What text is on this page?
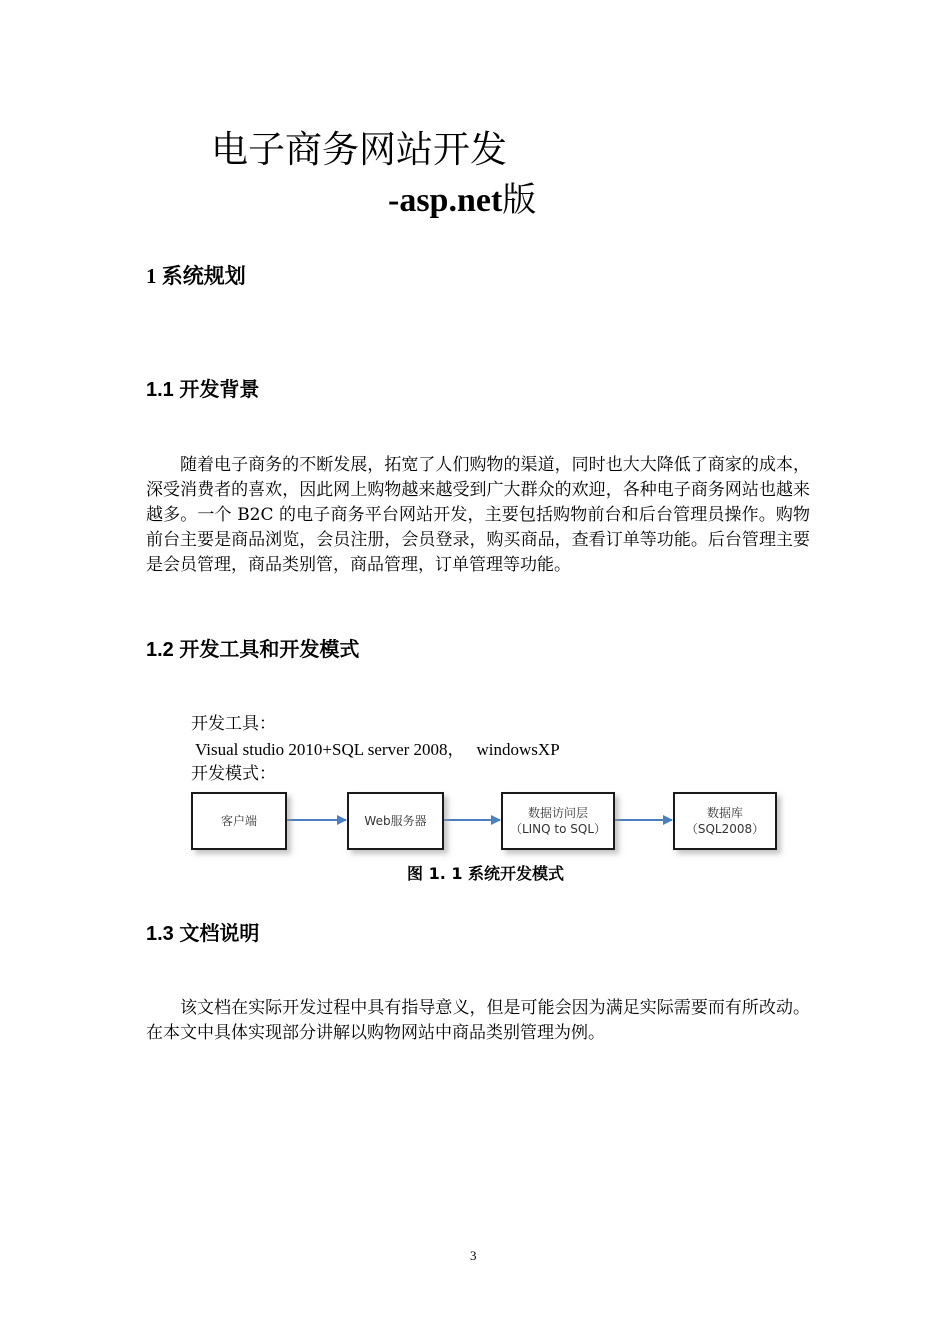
电子商务网站开发
-asp.net版
1 系统规划
1.1 开发背景
随着电子商务的不断发展，拓宽了人们购物的渠道，同时也大大降低了商家的成本，深受消费者的喜欢，因此网上购物越来越受到广大群众的欢迎，各种电子商务网站也越来越多。一个 B2C 的电子商务平台网站开发，主要包括购物前台和后台管理员操作。购物前台主要是商品浏览，会员注册，会员登录，购买商品，查看订单等功能。后台管理主要是会员管理，商品类别管，商品管理，订单管理等功能。
1.2 开发工具和开发模式
开发工具：
Visual studio 2010+SQL server 2008， windowsXP
开发模式：
客户端	Web服务器
数据访问层
（LINQ to SQL）
数据库
（SQL2008）
图 1. 1 系统开发模式
1.3 文档说明
该文档在实际开发过程中具有指导意义，但是可能会因为满足实际需要而有所改动。在本文中具体实现部分讲解以购物网站中商品类别管理为例。
3
